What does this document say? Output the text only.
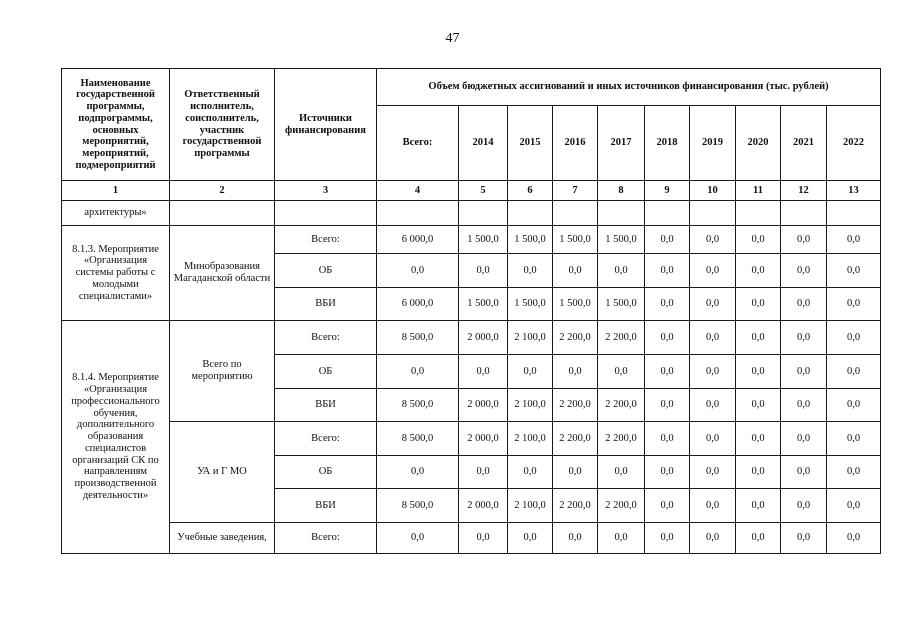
47
Наименование государственной программы, подпрограммы, основных мероприятий, мероприятий, подмероприятий	Ответственный исполнитель, соисполнитель, участник государственной программы	Источники финансирования	Объем бюджетных ассигнований и иных источников финансирования (тыс. рублей)									
			Всего:	2014	2015	2016	2017	2018	2019	2020	2021	2022
1	2	3	4	5	6	7	8	9	10	11	12	13
архитектуры»												
8.1.3. Мероприятие «Организация системы работы с молодыми специалистами»	Минобразования Магаданской области	Всего:	6 000,0	1 500,0	1 500,0	1 500,0	1 500,0	0,0	0,0	0,0	0,0	0,0
		ОБ	0,0	0,0	0,0	0,0	0,0	0,0	0,0	0,0	0,0	0,0
		ВБИ	6 000,0	1 500,0	1 500,0	1 500,0	1 500,0	0,0	0,0	0,0	0,0	0,0
8.1.4. Мероприятие «Организация профессионального обучения, дополнительного образования специалистов организаций СК по направлениям производственной деятельности»	Всего по мероприятию	Всего:	8 500,0	2 000,0	2 100,0	2 200,0	2 200,0	0,0	0,0	0,0	0,0	0,0
		ОБ	0,0	0,0	0,0	0,0	0,0	0,0	0,0	0,0	0,0	0,0
		ВБИ	8 500,0	2 000,0	2 100,0	2 200,0	2 200,0	0,0	0,0	0,0	0,0	0,0
	УА и Г МО	Всего:	8 500,0	2 000,0	2 100,0	2 200,0	2 200,0	0,0	0,0	0,0	0,0	0,0
		ОБ	0,0	0,0	0,0	0,0	0,0	0,0	0,0	0,0	0,0	0,0
		ВБИ	8 500,0	2 000,0	2 100,0	2 200,0	2 200,0	0,0	0,0	0,0	0,0	0,0
	Учебные заведения,	Всего:	0,0	0,0	0,0	0,0	0,0	0,0	0,0	0,0	0,0	0,0
